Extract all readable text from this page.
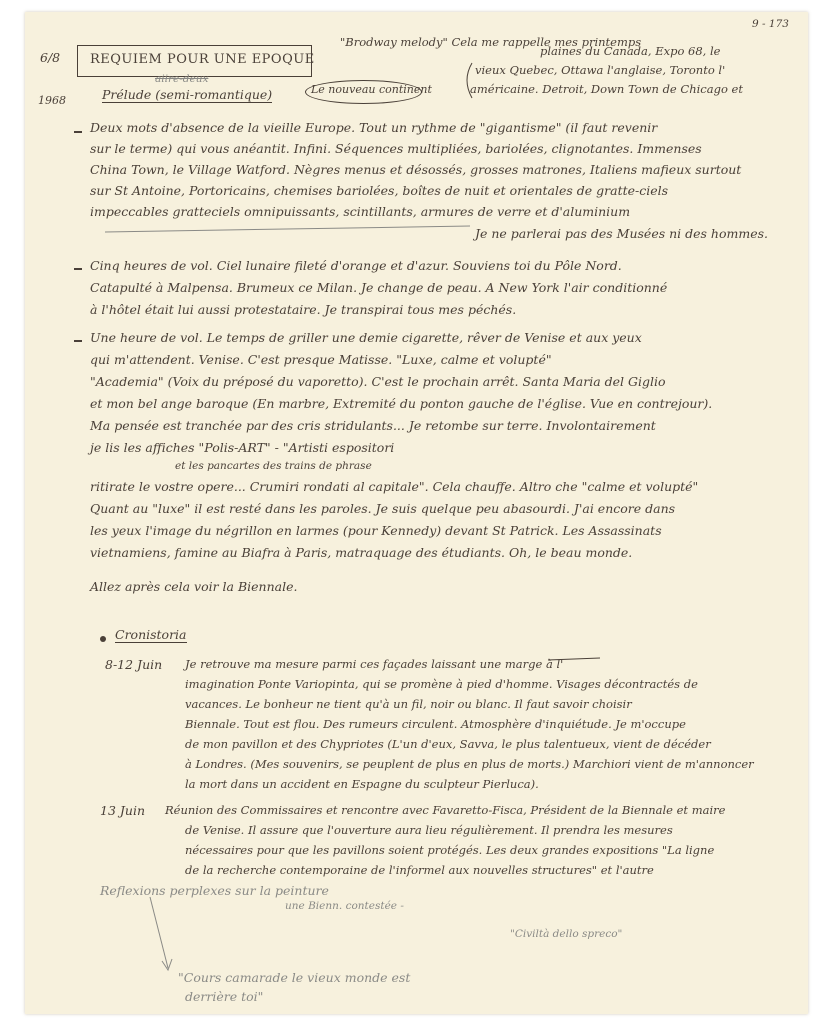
6/8
9 - 173
1968
REQUIEM POUR UNE EPOQUE
aiire-deux
Prélude (semi-romantique)	Le nouveau continent
"Brodway melody" Cela me rappelle mes printemps
plaines du Canada, Expo 68, le
vieux Quebec, Ottawa l'anglaise, Toronto l'
américaine. Detroit, Down Town de Chicago et
Deux mots d'absence de la vieille Europe. Tout un rythme de "gigantisme" (il faut revenir
sur le terme) qui vous anéantit. Infini. Séquences multipliées, bariolées, clignotantes. Immenses
China Town, le Village Watford. Nègres menus et désossés, grosses matrones, Italiens mafieux surtout
sur St Antoine, Portoricains, chemises bariolées, boîtes de nuit et orientales de gratte-ciels
impeccables gratteciels omnipuissants, scintillants, armures de verre et d'aluminium
Je ne parlerai pas des Musées ni des hommes.
Cinq heures de vol. Ciel lunaire fileté d'orange et d'azur. Souviens toi du Pôle Nord.
Catapulté à Malpensa. Brumeux ce Milan. Je change de peau. A New York l'air conditionné
à l'hôtel était lui aussi protestataire. Je transpirai tous mes péchés.
Une heure de vol. Le temps de griller une demie cigarette, rêver de Venise et aux yeux
qui m'attendent. Venise. C'est presque Matisse. "Luxe, calme et volupté"
"Academia" (Voix du préposé du vaporetto). C'est le prochain arrêt. Santa Maria del Giglio
et mon bel ange baroque (En marbre, Extremité du ponton gauche de l'église. Vue en contrejour).
Ma pensée est tranchée par des cris stridulants... Je retombe sur terre. Involontairement
je lis les affiches "Polis-ART" - "Artisti espositori
et les pancartes des trains de phrase
ritirate le vostre opere... Crumiri rondati al capitale". Cela chauffe. Altro che "calme et volupté"
Quant au "luxe" il est resté dans les paroles. Je suis quelque peu abasourdi. J'ai encore dans
les yeux l'image du négrillon en larmes (pour Kennedy) devant St Patrick. Les Assassinats
vietnamiens, famine au Biafra à Paris, matraquage des étudiants. Oh, le beau monde.
Allez après cela voir la Biennale.
Cronistoria
8-12 Juin Je retrouve ma mesure parmi ces façades laissant une marge à l'
imagination Ponte Variopinta, qui se promène à pied d'homme. Visages décontractés de
vacances. Le bonheur ne tient qu'à un fil, noir ou blanc. Il faut savoir choisir
Biennale. Tout est flou. Des rumeurs circulent. Atmosphère d'inquiétude. Je m'occupe
de mon pavillon et des Chypriotes (L'un d'eux, Savva, le plus talentueux, vient de décéder
à Londres. (Mes souvenirs, se peuplent de plus en plus de morts.) Marchiori vient de m'annoncer
la mort dans un accident en Espagne du sculpteur Pierluca).
13 Juin Réunion des Commissaires et rencontre avec Favaretto-Fisca, Président de la Biennale et maire
de Venise. Il assure que l'ouverture aura lieu régulièrement. Il prendra les mesures
nécessaires pour que les pavillons soient protégés. Les deux grandes expositions "La ligne
de la recherche contemporaine de l'informel aux nouvelles structures" et l'autre
Reflexions perplexes sur la peinture
une Bienn. contestée -
"Civiltà dello spreco"
"Cours camarade le vieux monde est
derrière toi"
